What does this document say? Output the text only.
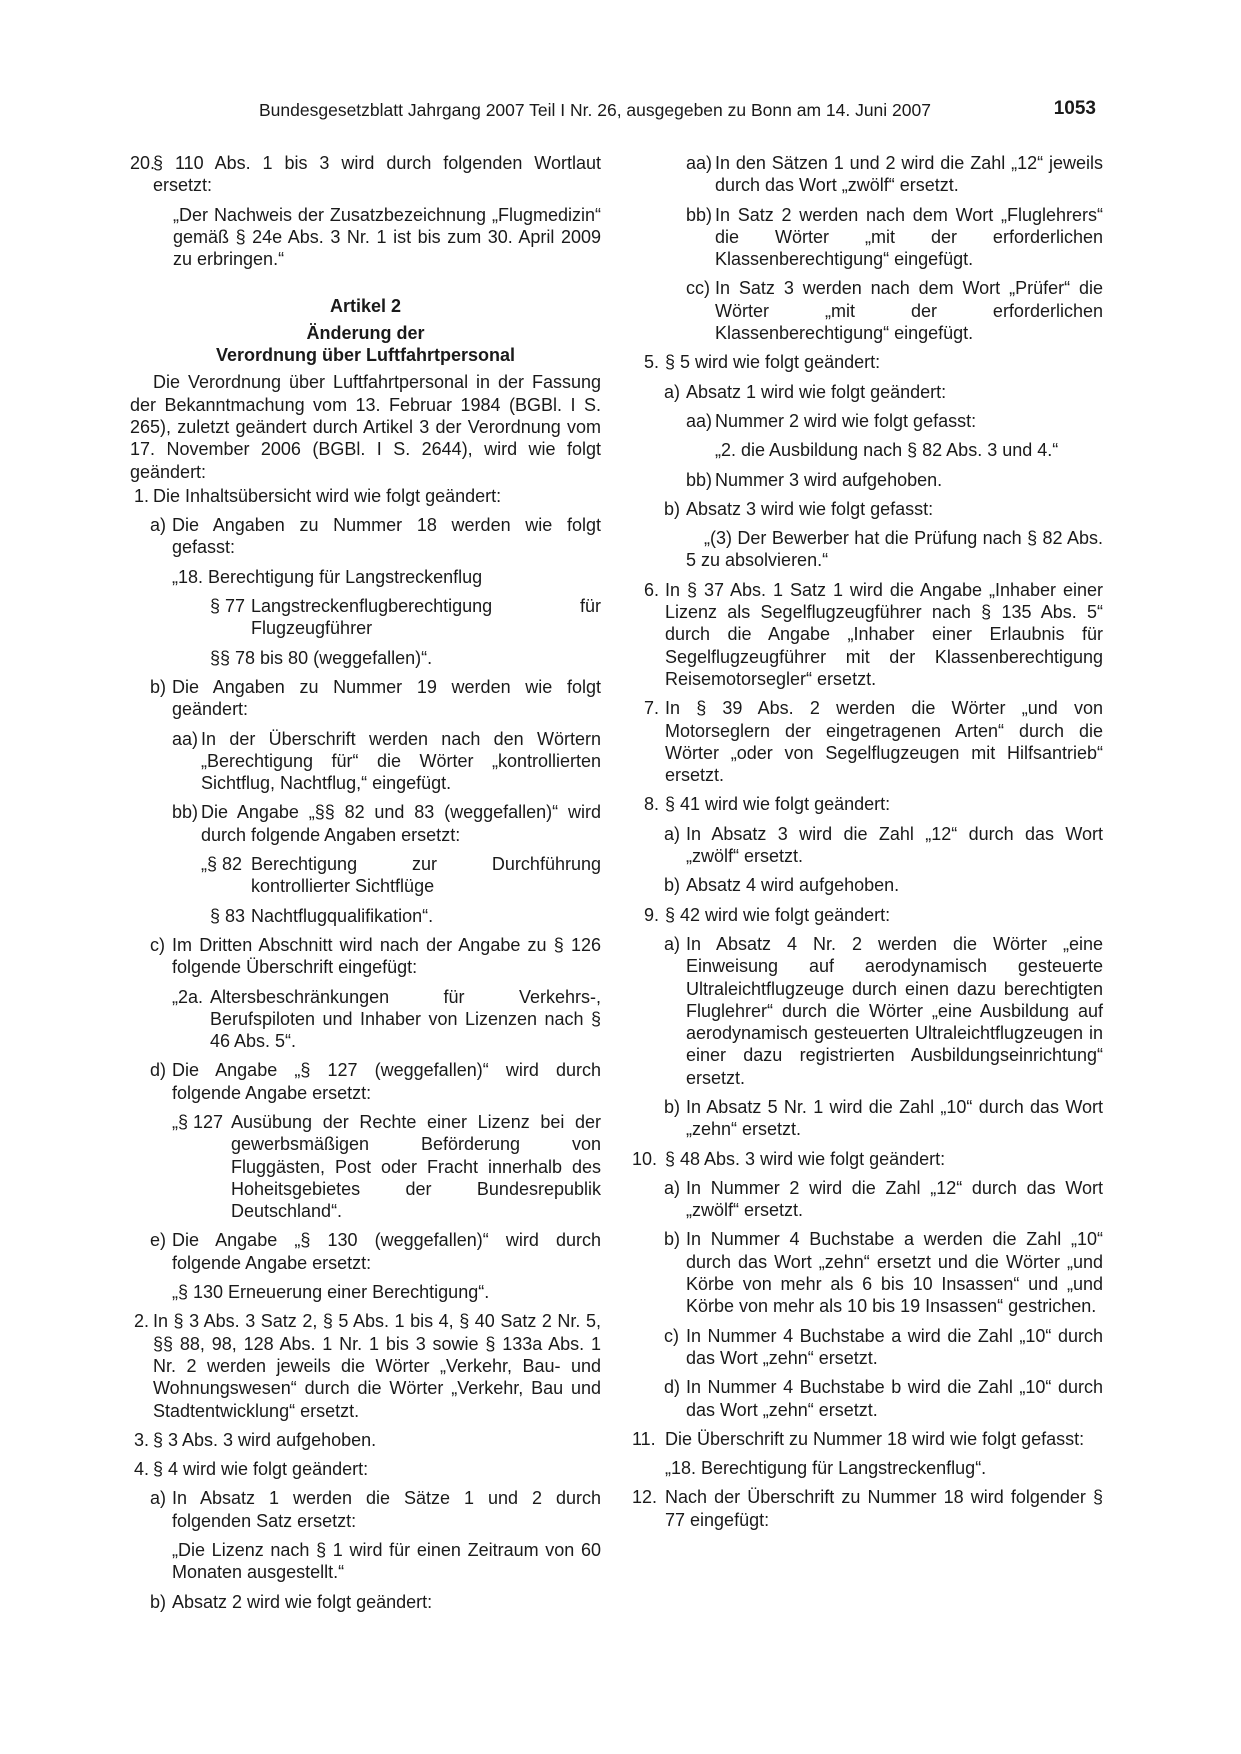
Bundesgesetzblatt Jahrgang 2007 Teil I Nr. 26, ausgegeben zu Bonn am 14. Juni 2007	1053
20.
§ 110 Abs. 1 bis 3 wird durch folgenden Wortlaut ersetzt:
„Der Nachweis der Zusatzbezeichnung „Flugmedizin“ gemäß § 24e Abs. 3 Nr. 1 ist bis zum 30. April 2009 zu erbringen.“
Artikel 2
Änderung der
Verordnung über Luftfahrtpersonal
Die Verordnung über Luftfahrtpersonal in der Fassung der Bekanntmachung vom 13. Februar 1984 (BGBl. I S. 265), zuletzt geändert durch Artikel 3 der Verordnung vom 17. November 2006 (BGBl. I S. 2644), wird wie folgt geändert:
1. Die Inhaltsübersicht wird wie folgt geändert:
a) Die Angaben zu Nummer 18 werden wie folgt gefasst:
„18. Berechtigung für Langstreckenflug
§ 77 Langstreckenflugberechtigung für Flugzeugführer
§§ 78 bis 80 (weggefallen)“.
b) Die Angaben zu Nummer 19 werden wie folgt geändert:
aa) In der Überschrift werden nach den Wörtern „Berechtigung für“ die Wörter „kontrollierten Sichtflug, Nachtflug,“ eingefügt.
bb) Die Angabe „§§ 82 und 83 (weggefallen)“ wird durch folgende Angaben ersetzt:
„§ 82 Berechtigung zur Durchführung kontrollierter Sichtflüge
§ 83 Nachtflugqualifikation“.
c) Im Dritten Abschnitt wird nach der Angabe zu § 126 folgende Überschrift eingefügt:
„2a. Altersbeschränkungen für Verkehrs-, Berufspiloten und Inhaber von Lizenzen nach § 46 Abs. 5“.
d) Die Angabe „§ 127 (weggefallen)“ wird durch folgende Angabe ersetzt:
„§ 127 Ausübung der Rechte einer Lizenz bei der gewerbsmäßigen Beförderung von Fluggästen, Post oder Fracht innerhalb des Hoheitsgebietes der Bundesrepublik Deutschland“.
e) Die Angabe „§ 130 (weggefallen)“ wird durch folgende Angabe ersetzt:
„§ 130 Erneuerung einer Berechtigung“.
2. In § 3 Abs. 3 Satz 2, § 5 Abs. 1 bis 4, § 40 Satz 2 Nr. 5, §§ 88, 98, 128 Abs. 1 Nr. 1 bis 3 sowie § 133a Abs. 1 Nr. 2 werden jeweils die Wörter „Verkehr, Bau- und Wohnungswesen“ durch die Wörter „Verkehr, Bau und Stadtentwicklung“ ersetzt.
3. § 3 Abs. 3 wird aufgehoben.
4. § 4 wird wie folgt geändert:
a) In Absatz 1 werden die Sätze 1 und 2 durch folgenden Satz ersetzt:
„Die Lizenz nach § 1 wird für einen Zeitraum von 60 Monaten ausgestellt.“
b) Absatz 2 wird wie folgt geändert:
aa) In den Sätzen 1 und 2 wird die Zahl „12“ jeweils durch das Wort „zwölf“ ersetzt.
bb) In Satz 2 werden nach dem Wort „Fluglehrers“ die Wörter „mit der erforderlichen Klassenberechtigung“ eingefügt.
cc) In Satz 3 werden nach dem Wort „Prüfer“ die Wörter „mit der erforderlichen Klassenberechtigung“ eingefügt.
5. § 5 wird wie folgt geändert:
a) Absatz 1 wird wie folgt geändert:
aa) Nummer 2 wird wie folgt gefasst:
„2. die Ausbildung nach § 82 Abs. 3 und 4.“
bb) Nummer 3 wird aufgehoben.
b) Absatz 3 wird wie folgt gefasst:
„(3) Der Bewerber hat die Prüfung nach § 82 Abs. 5 zu absolvieren.“
6. In § 37 Abs. 1 Satz 1 wird die Angabe „Inhaber einer Lizenz als Segelflugzeugführer nach § 135 Abs. 5“ durch die Angabe „Inhaber einer Erlaubnis für Segelflugzeugführer mit der Klassenberechtigung Reisemotorsegler“ ersetzt.
7. In § 39 Abs. 2 werden die Wörter „und von Motorseglern der eingetragenen Arten“ durch die Wörter „oder von Segelflugzeugen mit Hilfsantrieb“ ersetzt.
8. § 41 wird wie folgt geändert:
a) In Absatz 3 wird die Zahl „12“ durch das Wort „zwölf“ ersetzt.
b) Absatz 4 wird aufgehoben.
9. § 42 wird wie folgt geändert:
a) In Absatz 4 Nr. 2 werden die Wörter „eine Einweisung auf aerodynamisch gesteuerte Ultraleichtflugzeuge durch einen dazu berechtigten Fluglehrer“ durch die Wörter „eine Ausbildung auf aerodynamisch gesteuerten Ultraleichtflugzeugen in einer dazu registrierten Ausbildungseinrichtung“ ersetzt.
b) In Absatz 5 Nr. 1 wird die Zahl „10“ durch das Wort „zehn“ ersetzt.
10. § 48 Abs. 3 wird wie folgt geändert:
a) In Nummer 2 wird die Zahl „12“ durch das Wort „zwölf“ ersetzt.
b) In Nummer 4 Buchstabe a werden die Zahl „10“ durch das Wort „zehn“ ersetzt und die Wörter „und Körbe von mehr als 6 bis 10 Insassen“ und „und Körbe von mehr als 10 bis 19 Insassen“ gestrichen.
c) In Nummer 4 Buchstabe a wird die Zahl „10“ durch das Wort „zehn“ ersetzt.
d) In Nummer 4 Buchstabe b wird die Zahl „10“ durch das Wort „zehn“ ersetzt.
11. Die Überschrift zu Nummer 18 wird wie folgt gefasst:
„18. Berechtigung für Langstreckenflug“.
12. Nach der Überschrift zu Nummer 18 wird folgender § 77 eingefügt:
